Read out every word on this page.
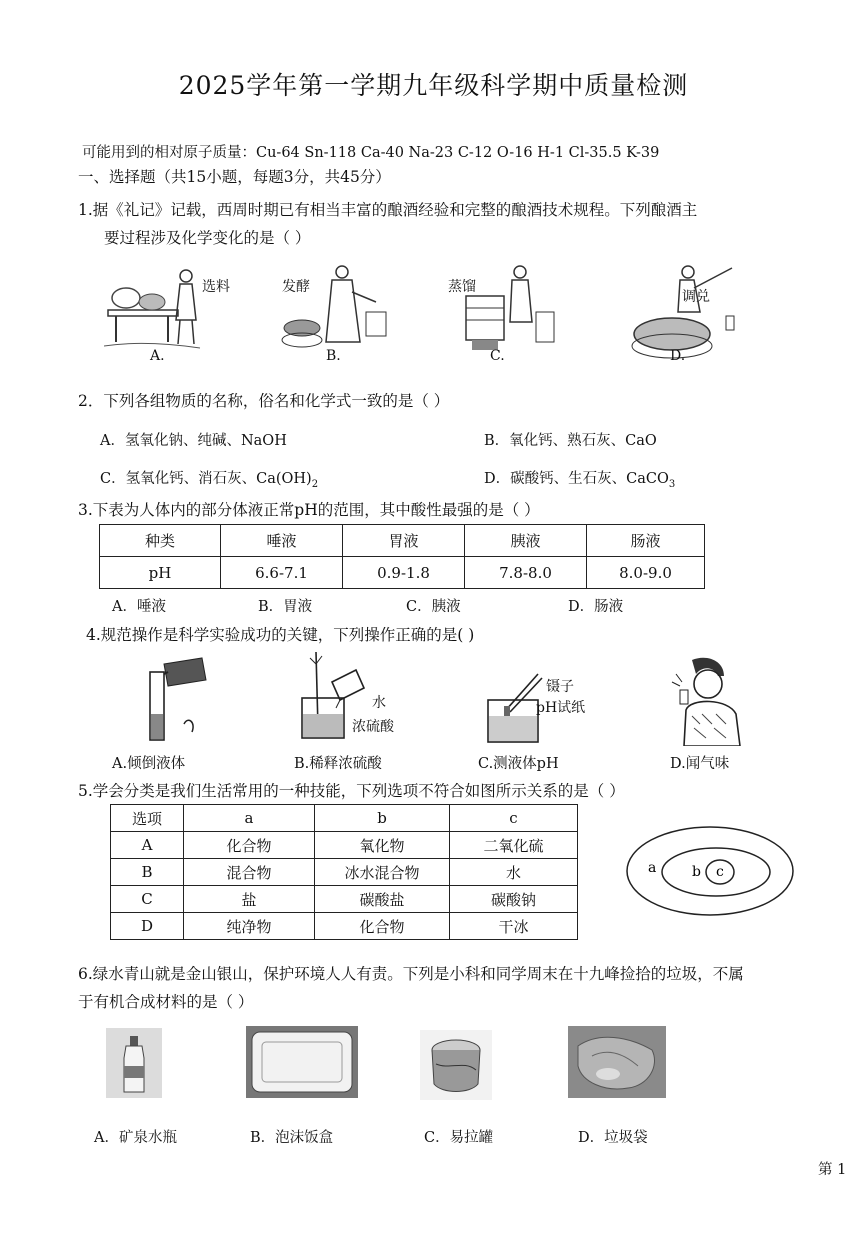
2025学年第一学期九年级科学期中质量检测
可能用到的相对原子质量：Cu-64 Sn-118 Ca-40 Na-23 C-12 O-16 H-1 Cl-35.5 K-39
一、选择题（共15小题，每题3分，共45分）
1.据《礼记》记载，西周时期已有相当丰富的酿酒经验和完整的酿酒技术规程。下列酿酒主
要过程涉及化学变化的是（ ）
选料
A.
发酵
B.
蒸馏
C.
调兑
D.
2．下列各组物质的名称，俗名和化学式一致的是（ ）
A．氢氧化钠、纯碱、NaOH	B．氧化钙、熟石灰、CaO
C．氢氧化钙、消石灰、$Ca(OH)_2$	D．碳酸钙、生石灰、CaCO$_3$
3.下表为人体内的部分体液正常pH的范围，其中酸性最强的是（ ）
种类	唾液	胃液	胰液	肠液
pH	6.6-7.1	0.9-1.8	7.8-8.0	8.0-9.0
A．唾液	B．胃液	C．胰液	D．肠液
4.规范操作是科学实验成功的关键，下列操作正确的是( )
水
浓硫酸
镊子
pH试纸
A.倾倒液体	B.稀释浓硫酸	C.测液体pH	D.闻气味
5.学会分类是我们生活常用的一种技能，下列选项不符合如图所示关系的是（ ）
选项	a	b	c
A	化合物	氧化物	二氧化硫
B	混合物	冰水混合物	水
C	盐	碳酸盐	碳酸钠
D	纯净物	化合物	干冰
a	b c
6.绿水青山就是金山银山，保护环境人人有责。下列是小科和同学周末在十九峰捡拾的垃圾，不属
于有机合成材料的是（ ）
A．矿泉水瓶	B．泡沫饭盒	C．易拉罐	D．垃圾袋
第 1
